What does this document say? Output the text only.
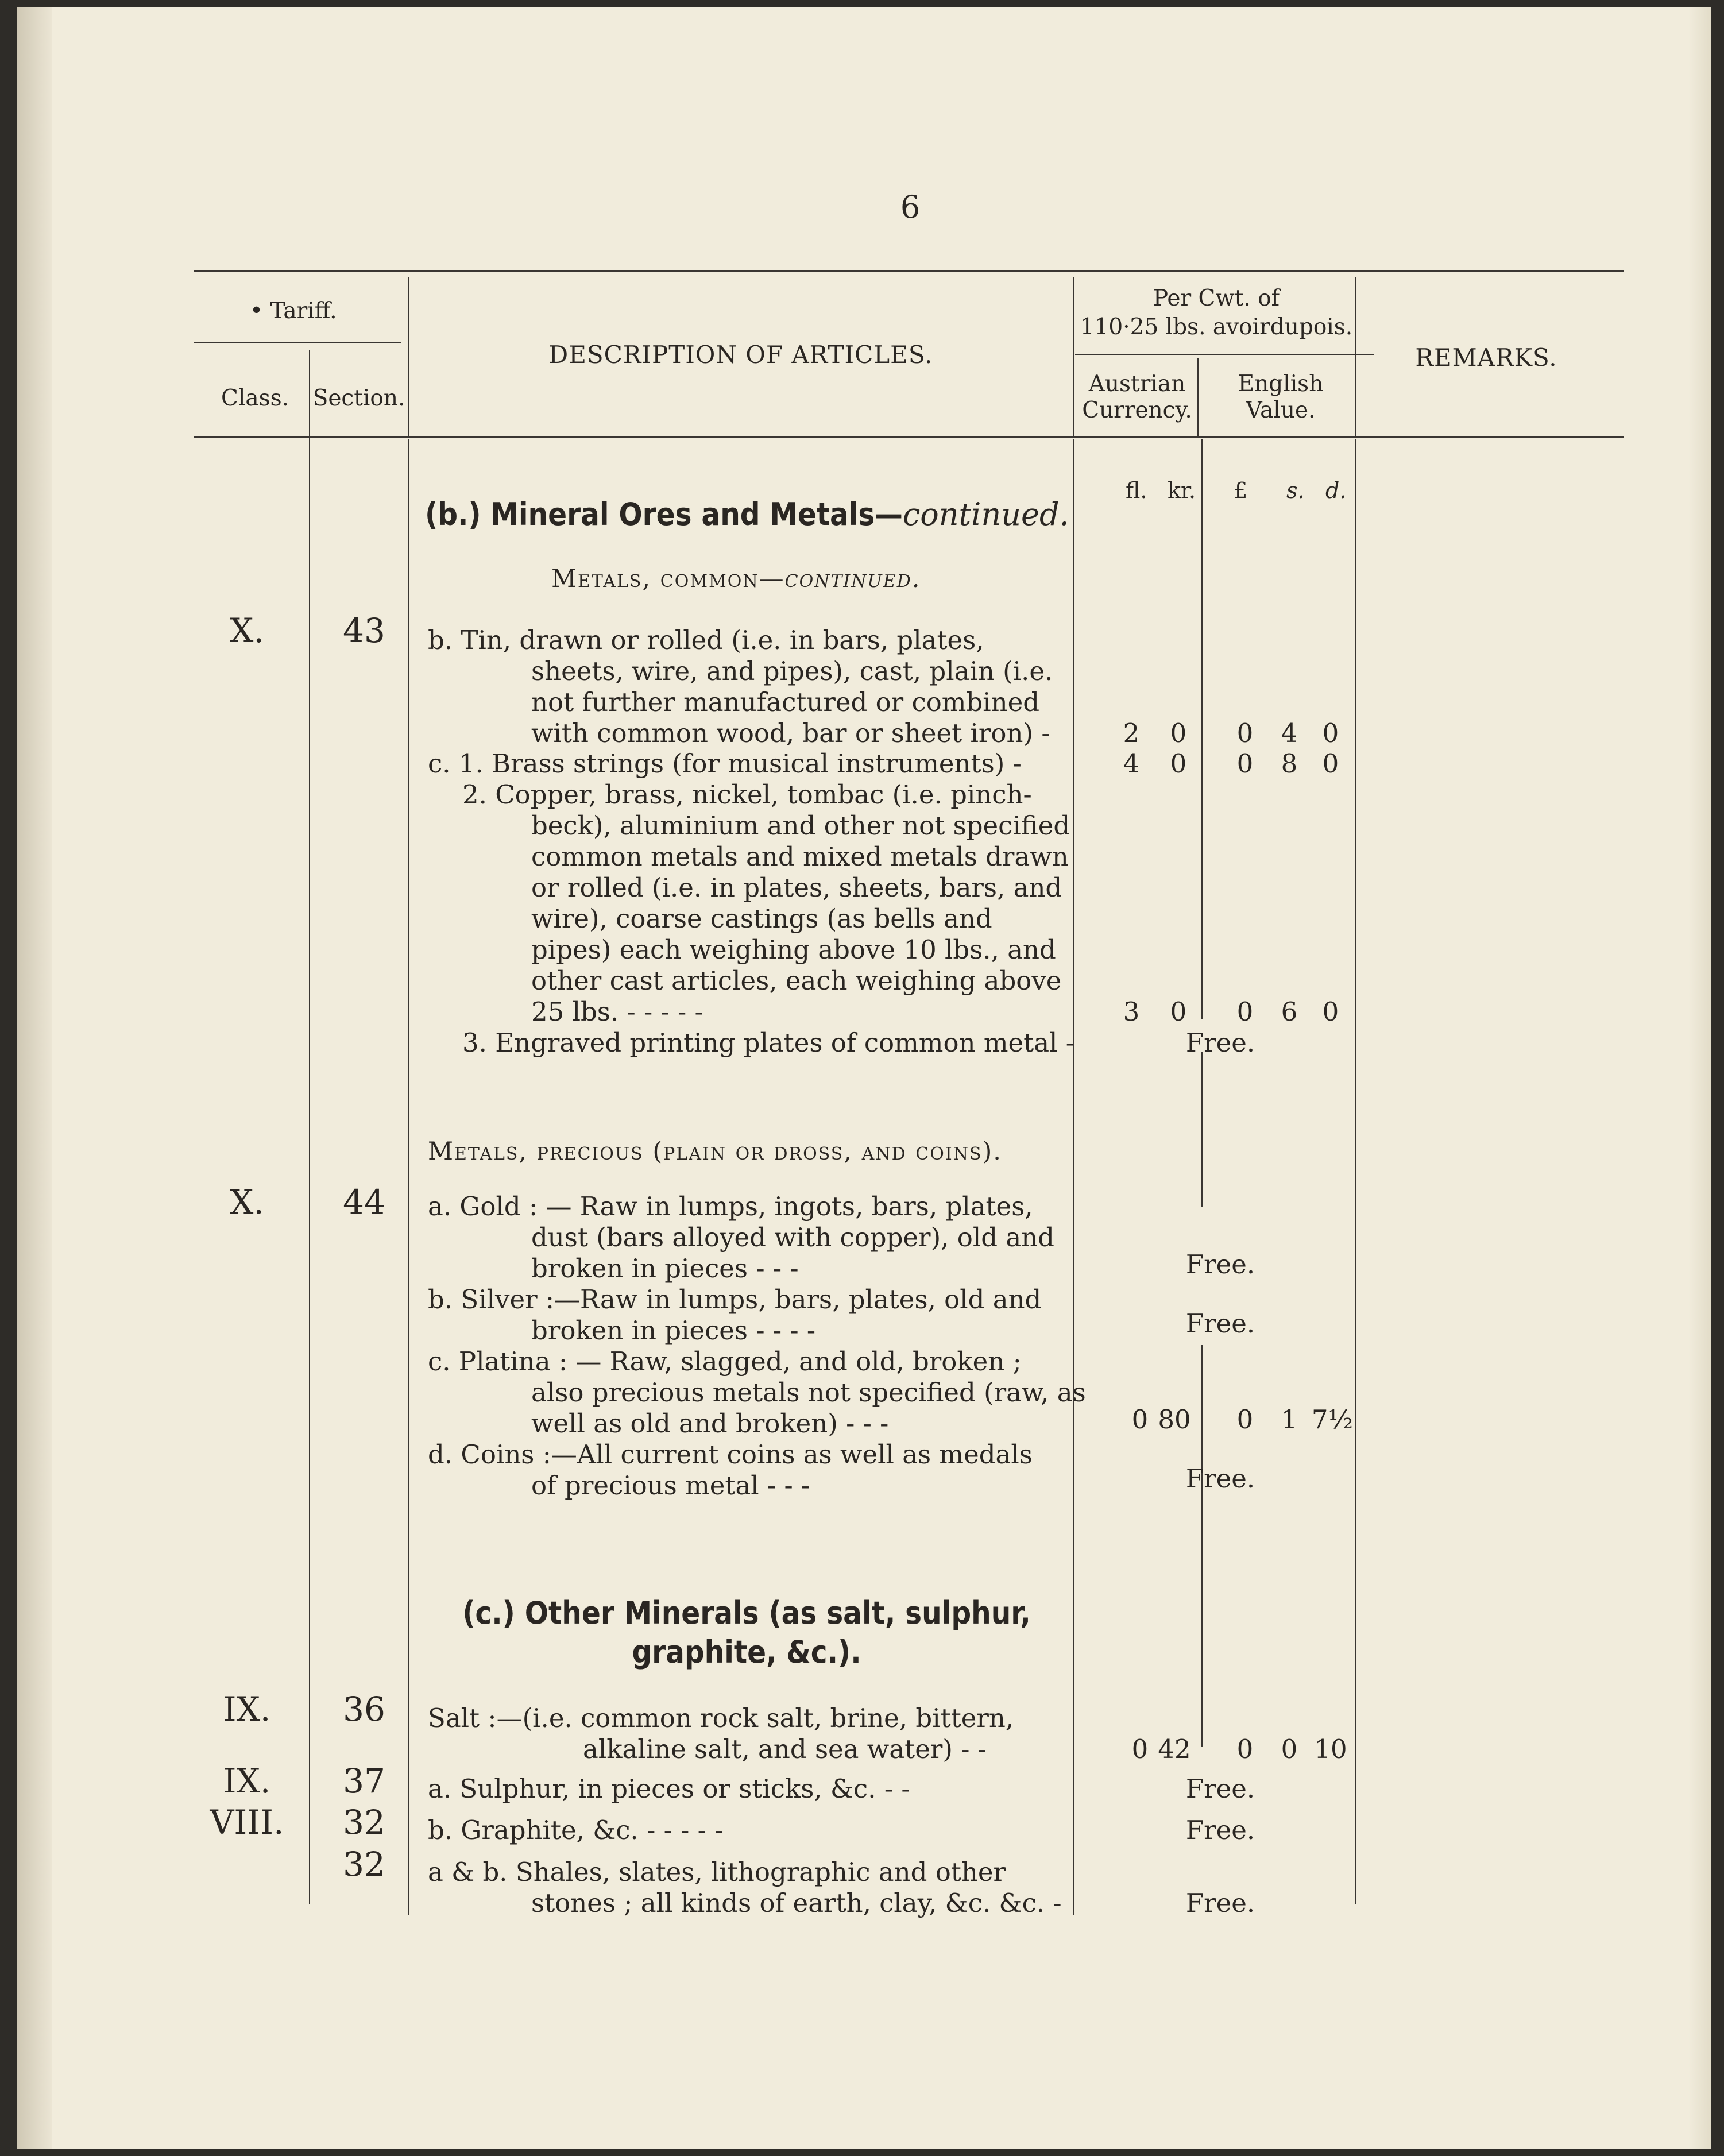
6
• Tariff.
Class. Section.
DESCRIPTION OF ARTICLES.
Per Cwt. of
110·25 lbs. avoirdupois.
Austrian
Currency.
English
Value.
REMARKS.
fl. kr. £ s. d.
(b.) Mineral Ores and Metals—continued.
Metals, common—continued.
X. 43 b. Tin, drawn or rolled (i.e. in bars, plates,
sheets, wire, and pipes), cast, plain (i.e.
not further manufactured or combined
with common wood, bar or sheet iron) -	2 0 0 4 0
c. 1. Brass strings (for musical instruments) -	4 0 0 8 0
2. Copper, brass, nickel, tombac (i.e. pinch-
beck), aluminium and other not specified
common metals and mixed metals drawn
or rolled (i.e. in plates, sheets, bars, and
wire), coarse castings (as bells and
pipes) each weighing above 10 lbs., and
other cast articles, each weighing above
25 lbs. - - - - -	3 0 0 6 0
3. Engraved printing plates of common metal -	Free.
Metals, precious (plain or dross, and coins).
X. 44 a. Gold : — Raw in lumps, ingots, bars, plates,
dust (bars alloyed with copper), old and
broken in pieces - - -	Free.
b. Silver :—Raw in lumps, bars, plates, old and
broken in pieces - - - -	Free.
c. Platina : — Raw, slagged, and old, broken ;
also precious metals not specified (raw, as
well as old and broken) - - -	0 80 0 1 7½
d. Coins :—All current coins as well as medals
of precious metal - - -	Free.
(c.) Other Minerals (as salt, sulphur,
graphite, &c.).
IX. 36 Salt :—(i.e. common rock salt, brine, bittern,
alkaline salt, and sea water) - -	0 42 0 0 10
IX. 37 a. Sulphur, in pieces or sticks, &c. - -	Free.
VIII. 32 b. Graphite, &c. - - - - -	Free.
32 a & b. Shales, slates, lithographic and other
stones ; all kinds of earth, clay, &c. &c. -	Free.
